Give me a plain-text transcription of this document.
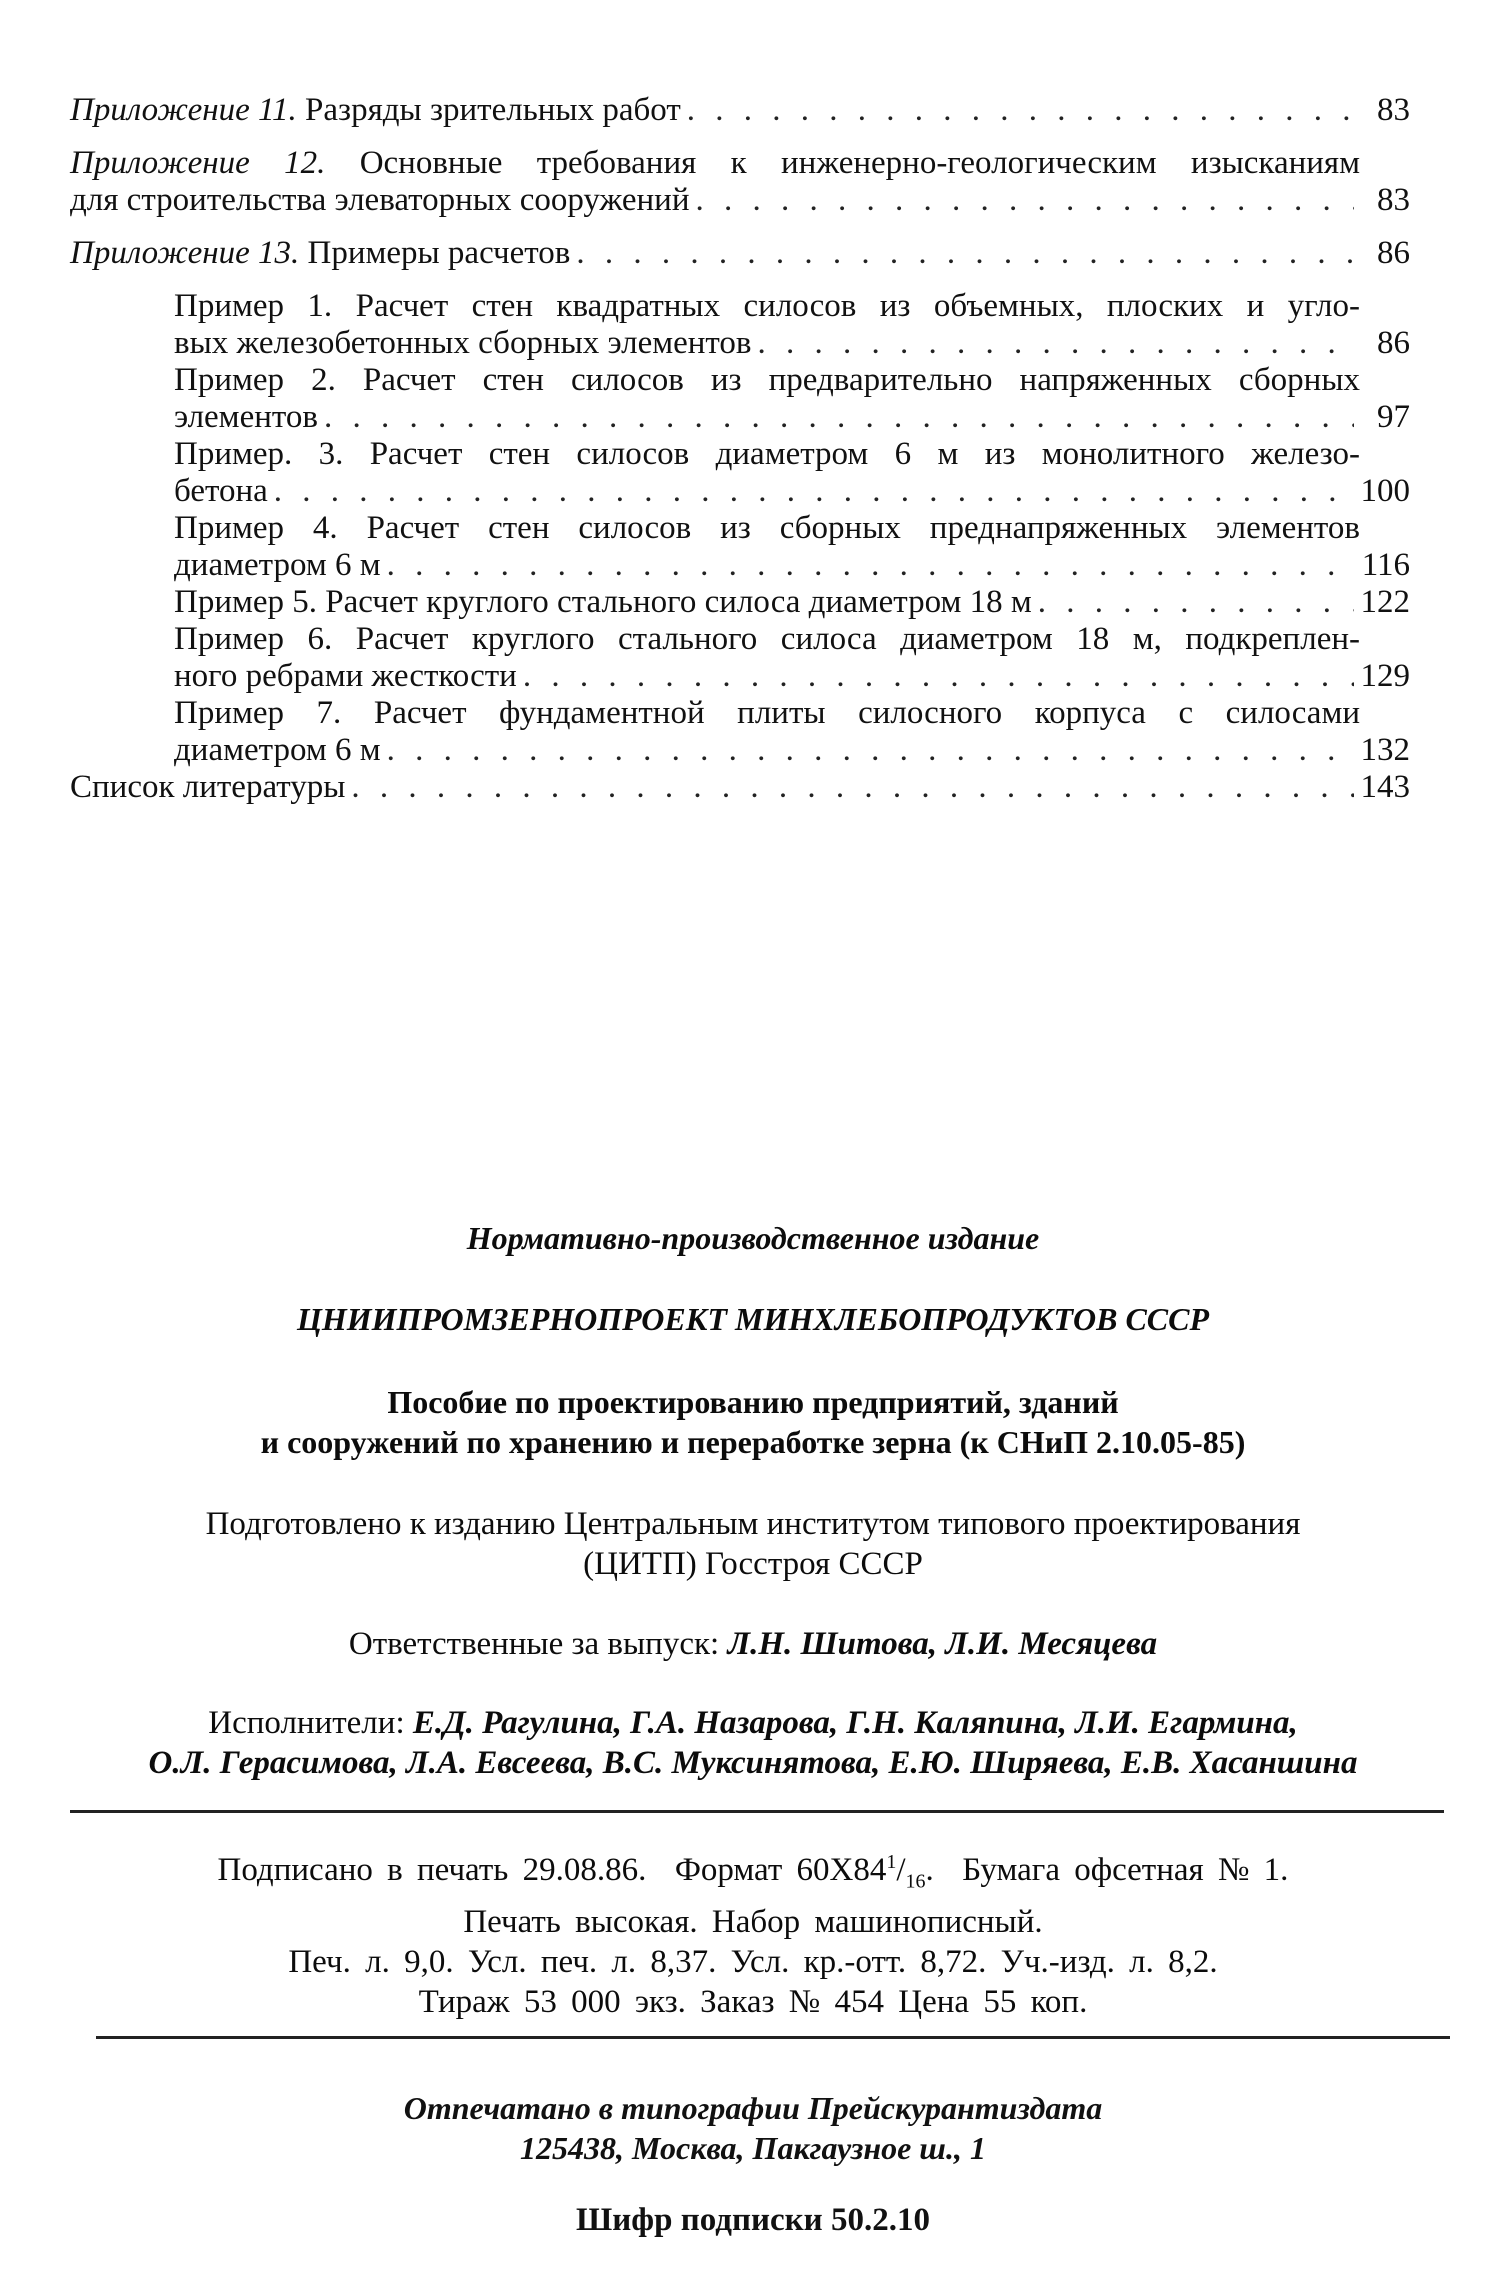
Приложение 11. Разряды зрительных работ . . .	83
Приложение 12. Основные требования к инженерно-геологическим изысканиям
для строительства элеваторных сооружений . . .	83
Приложение 13. Примеры расчетов . . .	86
Пример 1. Расчет стен квадратных силосов из объемных, плоских и угло-
вых железобетонных сборных элементов . . .	86
Пример 2. Расчет стен силосов из предварительно напряженных сборных
элементов . . .	97
Пример. 3. Расчет стен силосов диаметром 6 м из монолитного железо-
бетона . . .	100
Пример 4. Расчет стен силосов из сборных преднапряженных элементов
диаметром 6 м . . .	116
Пример 5. Расчет круглого стального силоса диаметром 18 м . . .	122
Пример 6. Расчет круглого стального силоса диаметром 18 м, подкреплен-
ного ребрами жесткости . . .	129
Пример 7. Расчет фундаментной плиты силосного корпуса с силосами
диаметром 6 м . . .	132
Список литературы . . .	143
Нормативно-производственное издание
ЦНИИПРОМЗЕРНОПРОЕКТ МИНХЛЕБОПРОДУКТОВ СССР
Пособие по проектированию предприятий, зданий
и сооружений по хранению и переработке зерна (к СНиП 2.10.05-85)
Подготовлено к изданию Центральным институтом типового проектирования
(ЦИТП) Госстроя СССР
Ответственные за выпуск: Л.Н. Шитова, Л.И. Месяцева
Исполнители: Е.Д. Рагулина, Г.А. Назарова, Г.Н. Каляпина, Л.И. Егармина,
О.Л. Герасимова, Л.А. Евсеева, В.С. Муксинятова, Е.Ю. Ширяева, Е.В. Хасаншина
Подписано в печать 29.08.86. Формат $60X84^1/_{16}$. Бумага офсетная № 1.
Печать высокая. Набор машинописный.
Печ. л. 9,0. Усл. печ. л. 8,37. Усл. кр.-отт. 8,72. Уч.-изд. л. 8,2.
Тираж 53 000 экз. Заказ № 454 Цена 55 коп.
Отпечатано в типографии Прейскурантиздата
125438, Москва, Пакгаузное ш., 1
Шифр подписки 50.2.10
